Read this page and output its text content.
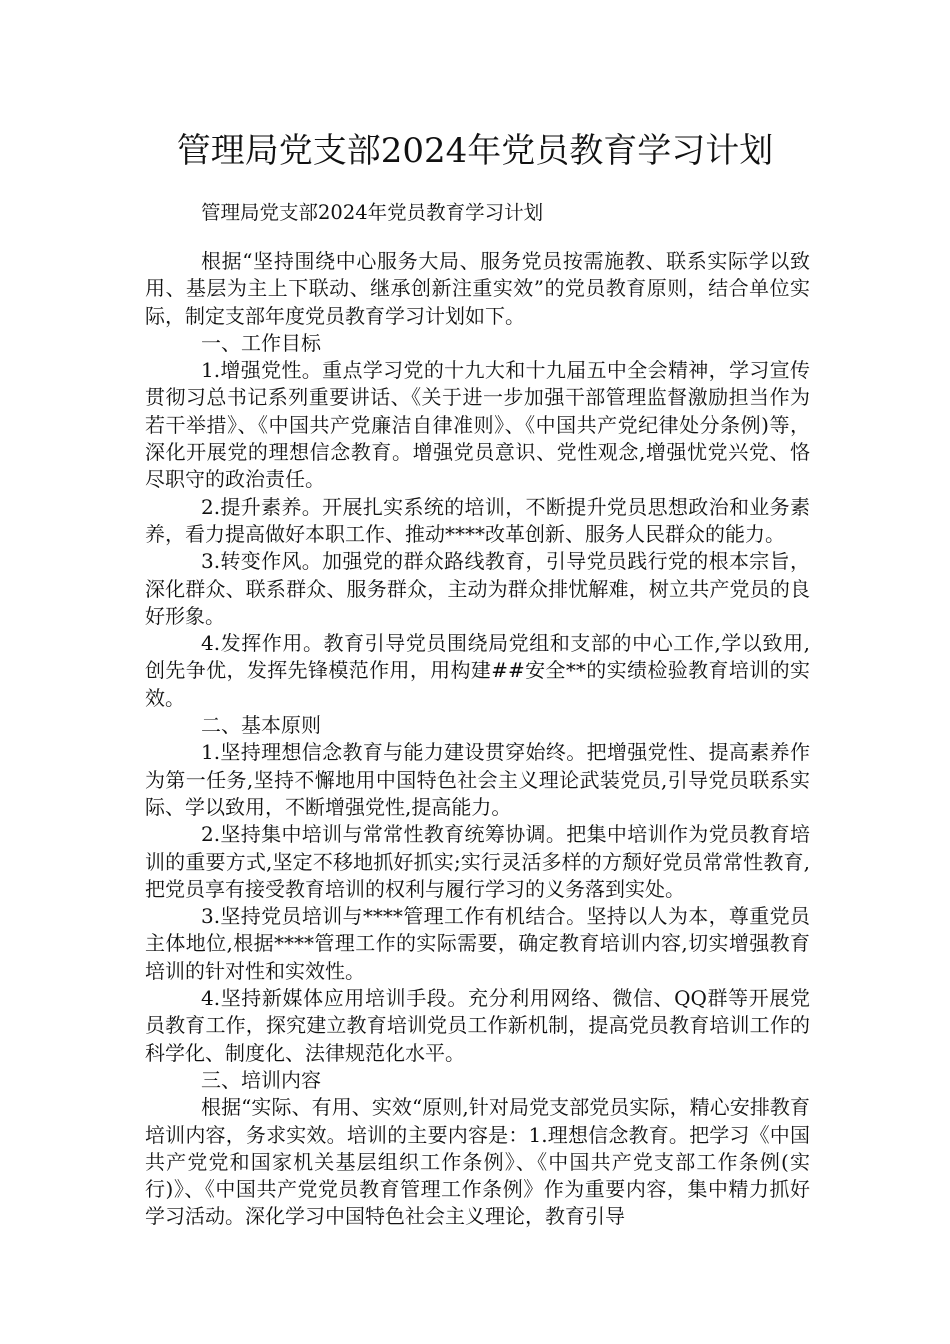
管理局党支部2024年党员教育学习计划
管理局党支部2024年党员教育学习计划

根据“坚持围绕中心服务大局、服务党员按需施教、联系实际学以致用、基层为主上下联动、继承创新注重实效”的党员教育原则，结合单位实际，制定支部年度党员教育学习计划如下。

一、工作目标

1.增强党性。重点学习党的十九大和十九届五中全会精神，学习宣传贯彻习总书记系列重要讲话、《关于进一步加强干部管理监督激励担当作为若干举措》、《中国共产党廉洁自律准则》、《中国共产党纪律处分条例)等，深化开展党的理想信念教育。增强党员意识、党性观念,增强忧党兴党、恪尽职守的政治责任。

2.提升素养。开展扎实系统的培训，不断提升党员思想政治和业务素养，看力提高做好本职工作、推动****改革创新、服务人民群众的能力。

3.转变作风。加强党的群众路线教育，引导党员践行党的根本宗旨，深化群众、联系群众、服务群众，主动为群众排忧解难，树立共产党员的良好形象。

4.发挥作用。教育引导党员围绕局党组和支部的中心工作,学以致用,创先争优，发挥先锋模范作用，用构建##安全**的实绩检验教育培训的实效。

二、基本原则

1.坚持理想信念教育与能力建设贯穿始终。把增强党性、提高素养作为第一任务,坚持不懈地用中国特色社会主义理论武装党员,引导党员联系实际、学以致用，不断增强党性,提高能力。

2.坚持集中培训与常常性教育统筹协调。把集中培训作为党员教育培训的重要方式,坚定不移地抓好抓实;实行灵活多样的方颓好党员常常性教育,把党员享有接受教育培训的权利与履行学习的义务落到实处。

3.坚持党员培训与****管理工作有机结合。坚持以人为本，尊重党员主体地位,根据****管理工作的实际需要，确定教育培训内容,切实增强教育培训的针对性和实效性。

4.坚持新媒体应用培训手段。充分利用网络、微信、QQ群等开展党员教育工作，探究建立教育培训党员工作新机制，提高党员教育培训工作的科学化、制度化、法律规范化水平。

三、培训内容

根据“实际、有用、实效“原则,针对局党支部党员实际，精心安排教育培训内容，务求实效。培训的主要内容是：1.理想信念教育。把学习《中国共产党党和国家机关基层组织工作条例》、《中国共产党支部工作条例(实行)》、《中国共产党党员教育管理工作条例》作为重要内容，集中精力抓好学习活动。深化学习中国特色社会主义理论，教育引导
